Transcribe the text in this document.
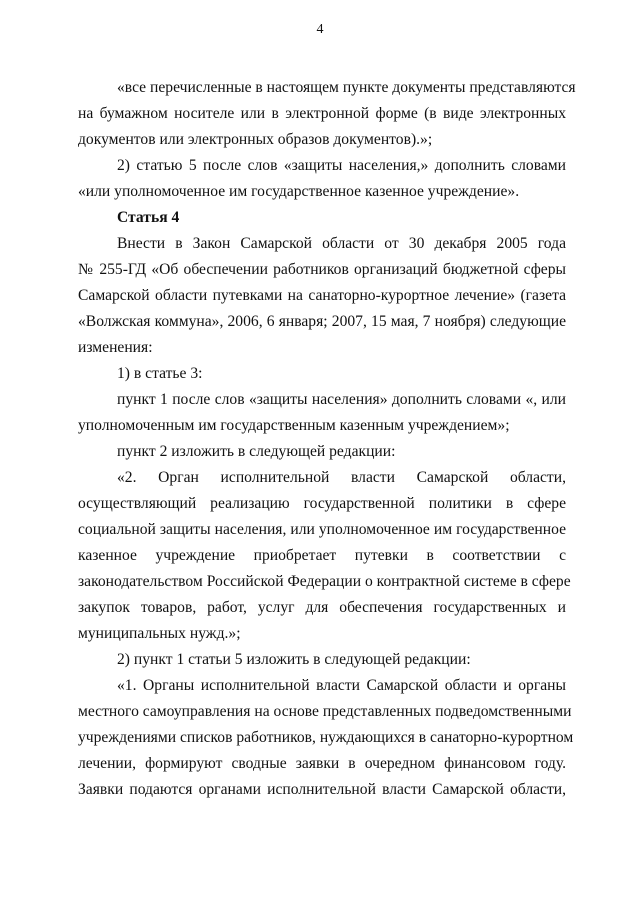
4
«все перечисленные в настоящем пункте документы представляются
на бумажном носителе или в электронной форме (в виде электронных
документов или электронных образов документов).»;
2) статью 5 после слов «защиты населения,» дополнить словами
«или уполномоченное им государственное казенное учреждение».
Статья 4
Внести в Закон Самарской области от 30 декабря 2005 года
№ 255-ГД «Об обеспечении работников организаций бюджетной сферы
Самарской области путевками на санаторно-курортное лечение» (газета
«Волжская коммуна», 2006, 6 января; 2007, 15 мая, 7 ноября) следующие
изменения:
1) в статье 3:
пункт 1 после слов «защиты населения» дополнить словами «, или
уполномоченным им государственным казенным учреждением»;
пункт 2 изложить в следующей редакции:
«2. Орган исполнительной власти Самарской области,
осуществляющий реализацию государственной политики в сфере
социальной защиты населения, или уполномоченное им государственное
казенное учреждение приобретает путевки в соответствии с
законодательством Российской Федерации о контрактной системе в сфере
закупок товаров, работ, услуг для обеспечения государственных и
муниципальных нужд.»;
2) пункт 1 статьи 5 изложить в следующей редакции:
«1. Органы исполнительной власти Самарской области и органы
местного самоуправления на основе представленных подведомственными
учреждениями списков работников, нуждающихся в санаторно-курортном
лечении, формируют сводные заявки в очередном финансовом году.
Заявки подаются органами исполнительной власти Самарской области,
